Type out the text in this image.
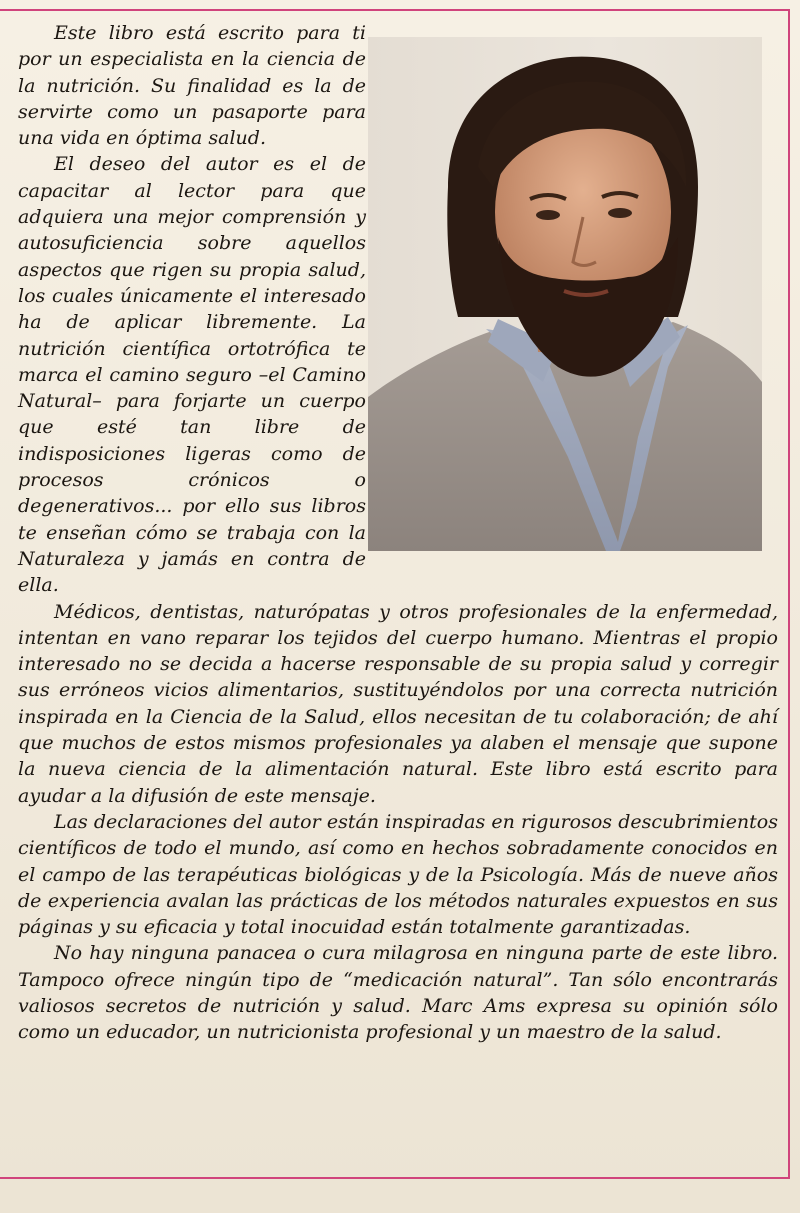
Este libro está escrito para ti por un especialista en la ciencia de la nutrición. Su finalidad es la de servirte como un pasaporte para una vida en óptima salud.

El deseo del autor es el de capacitar al lector para que adquiera una mejor comprensión y autosuficiencia sobre aquellos aspectos que rigen su propia salud, los cuales únicamente el interesado ha de aplicar libremente. La nutrición científica ortotrófica te marca el camino seguro –el Camino Natural– para forjarte un cuerpo que esté tan libre de indisposiciones ligeras como de procesos crónicos o degenerativos... por ello sus libros te enseñan cómo se trabaja con la Naturaleza y jamás en contra de ella.

Médicos, dentistas, naturópatas y otros profesionales de la enfermedad, intentan en vano reparar los tejidos del cuerpo humano. Mientras el propio interesado no se decida a hacerse responsable de su propia salud y corregir sus erróneos vicios alimentarios, sustituyéndolos por una correcta nutrición inspirada en la Ciencia de la Salud, ellos necesitan de tu colaboración; de ahí que muchos de estos mismos profesionales ya alaben el mensaje que supone la nueva ciencia de la alimentación natural. Este libro está escrito para ayudar a la difusión de este mensaje.

Las declaraciones del autor están inspiradas en rigurosos descubrimientos científicos de todo el mundo, así como en hechos sobradamente conocidos en el campo de las terapéuticas biológicas y de la Psicología. Más de nueve años de experiencia avalan las prácticas de los métodos naturales expuestos en sus páginas y su eficacia y total inocuidad están totalmente garantizadas.

No hay ninguna panacea o cura milagrosa en ninguna parte de este libro. Tampoco ofrece ningún tipo de “medicación natural”. Tan sólo encontrarás valiosos secretos de nutrición y salud. Marc Ams expresa su opinión sólo como un educador, un nutricionista profesional y un maestro de la salud.
